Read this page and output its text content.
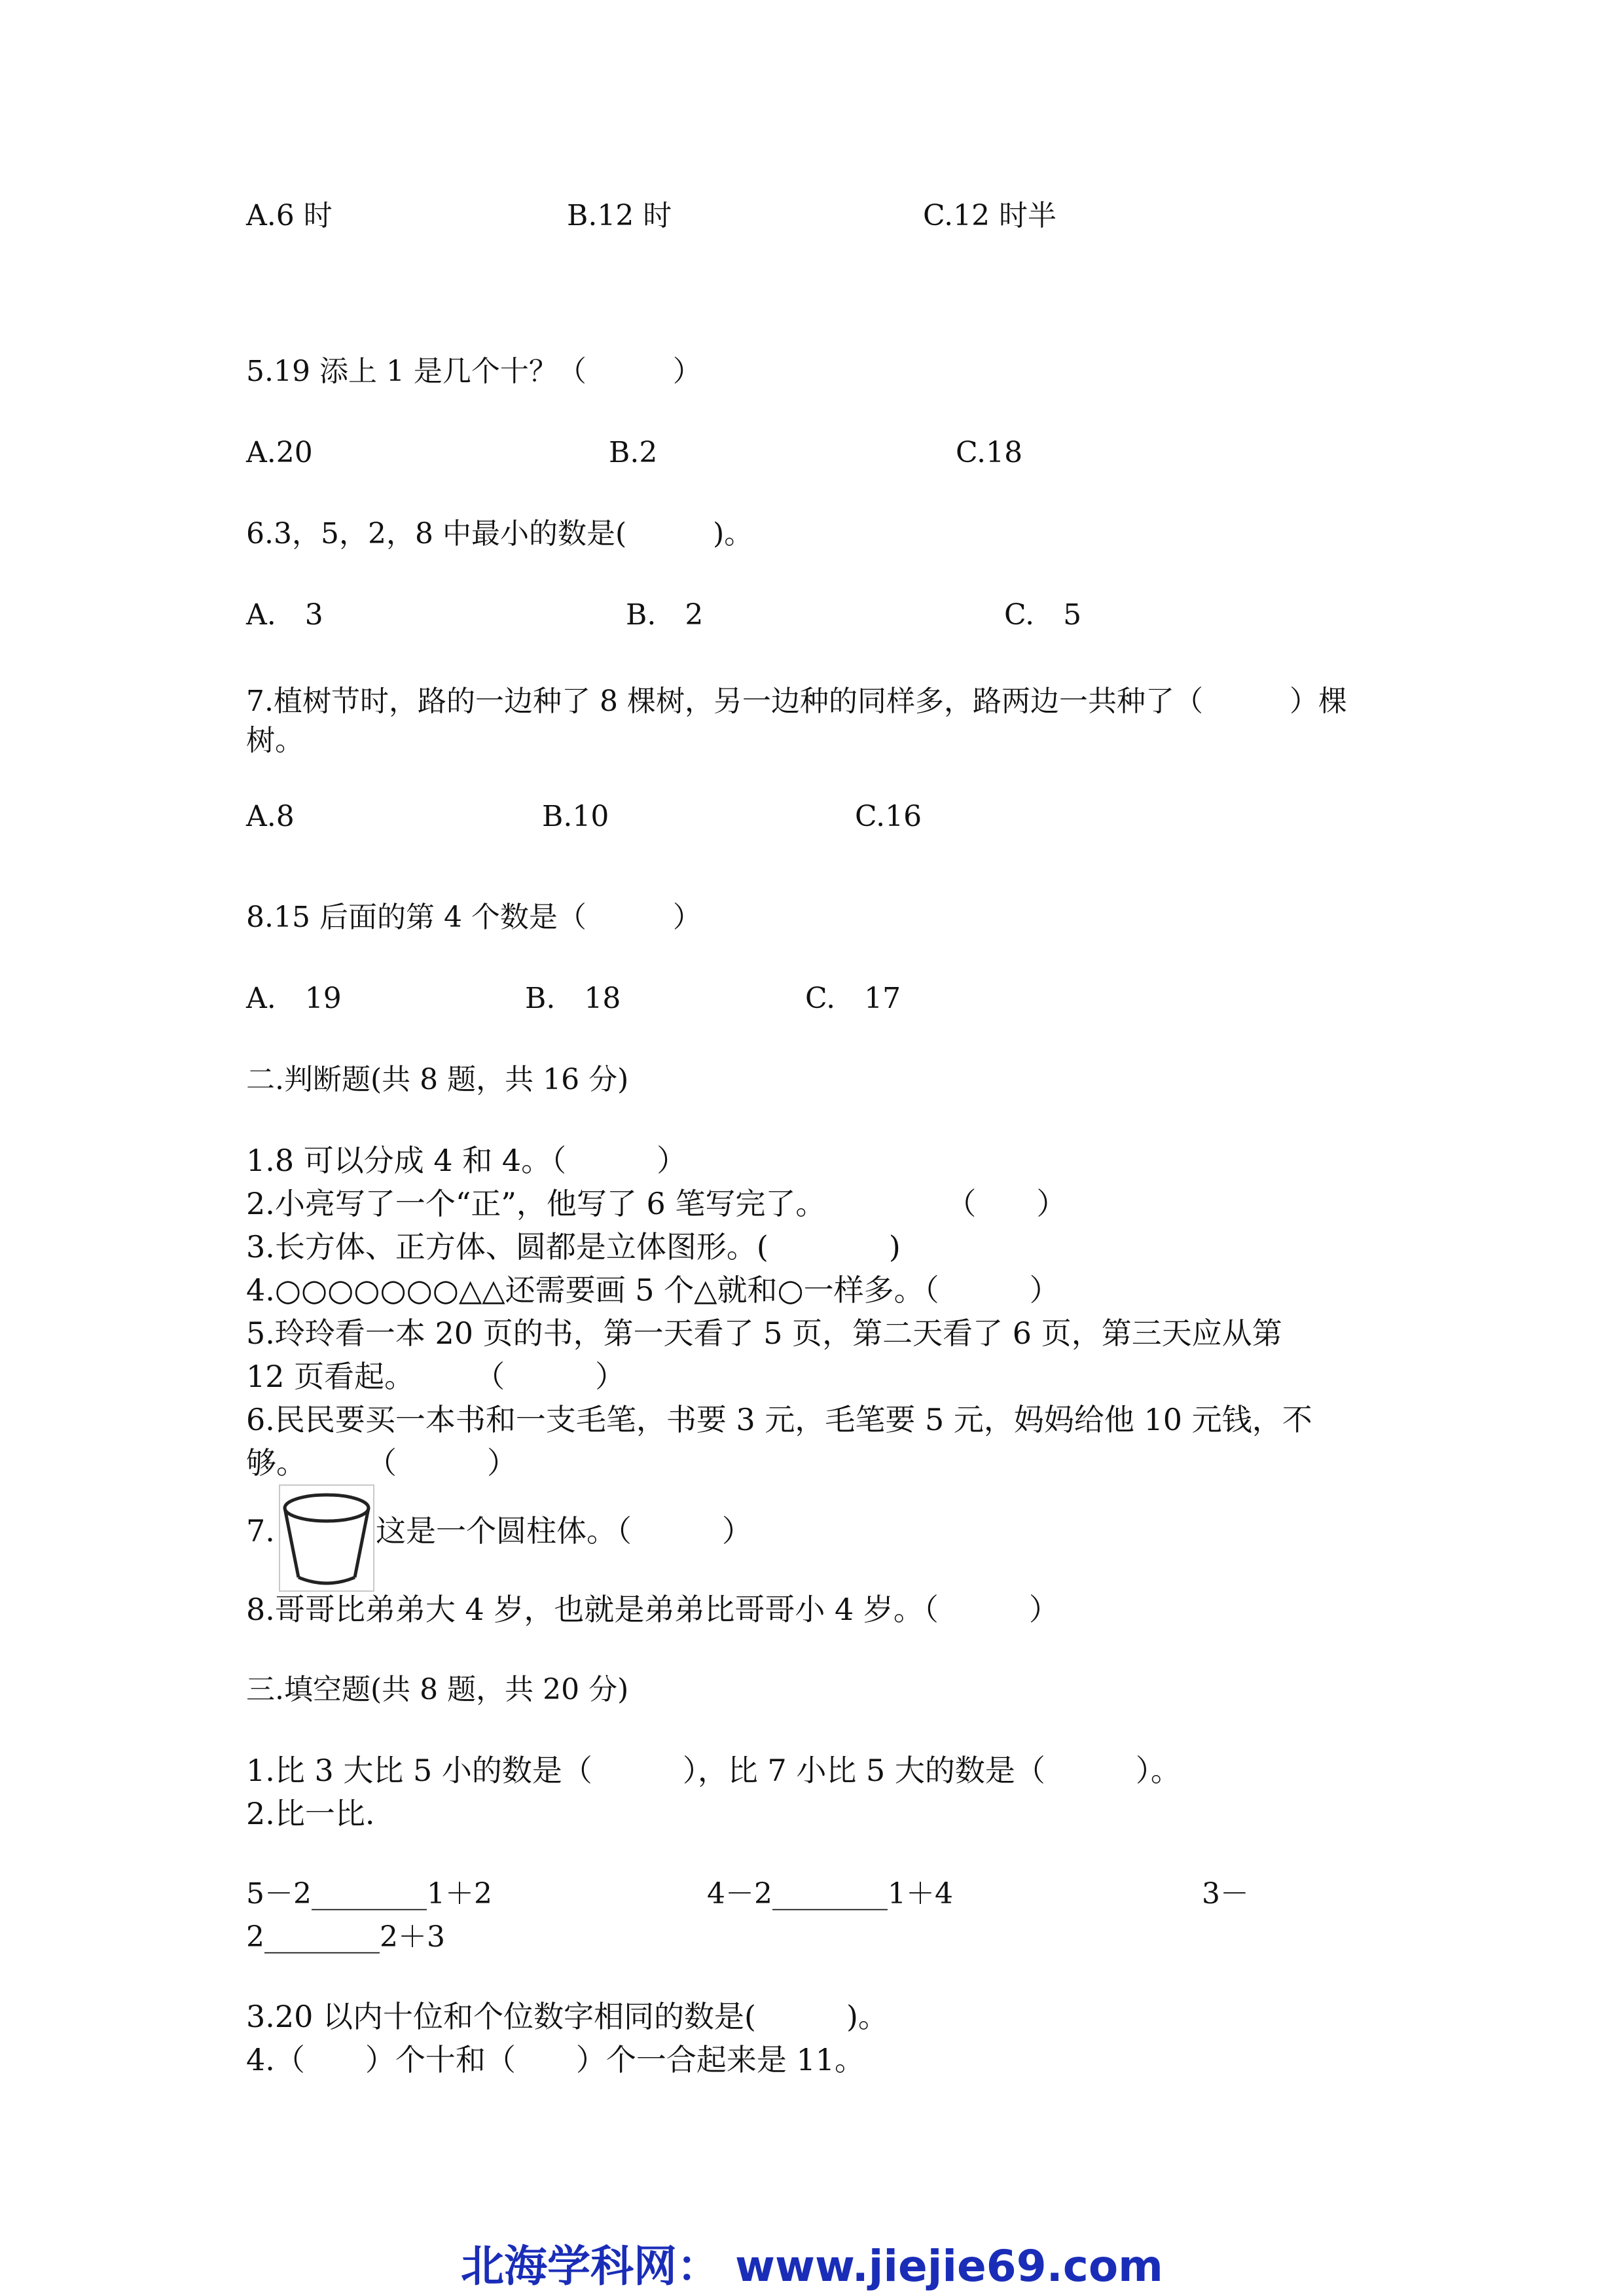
A.6 时	B.12 时	C.12 时半
5.19 添上 1 是几个十？（　　　）
A.20	B.2	C.18
6.3，5，2，8 中最小的数是(　　　)。
A.　3	B.　2	C.　5
7.植树节时，路的一边种了 8 棵树，另一边种的同样多，路两边一共种了（　　　）棵
树。
A.8	B.10	C.16
8.15 后面的第 4 个数是（　　　）
A.　19	B.　18	C.　17
二.判断题(共 8 题，共 16 分)
1.8 可以分成 4 和 4。（　　　）
2.小亮写了一个“正”，他写了 6 笔写完了。　　　　　（　　）
3.长方体、正方体、圆都是立体图形。(　　　　)
4.○○○○○○○△△还需要画 5 个△就和○一样多。（　　　）
5.玲玲看一本 20 页的书，第一天看了 5 页，第二天看了 6 页，第三天应从第
12 页看起。　　　（　　　）
6.民民要买一本书和一支毛笔，书要 3 元，毛笔要 5 元，妈妈给他 10 元钱，不
够。　　　（　　　）
7.	这是一个圆柱体。（　　　）
8.哥哥比弟弟大 4 岁，也就是弟弟比哥哥小 4 岁。（　　　）
三.填空题(共 8 题，共 20 分)
1.比 3 大比 5 小的数是（　　　），比 7 小比 5 大的数是（　　　）。
2.比一比.
5－2________1＋2	4－2________1＋4	3－
2________2＋3
3.20 以内十位和个位数字相同的数是(　　　)。
4.（　　）个十和（　　）个一合起来是 11。
北海学科网： www.jiejie69.com
